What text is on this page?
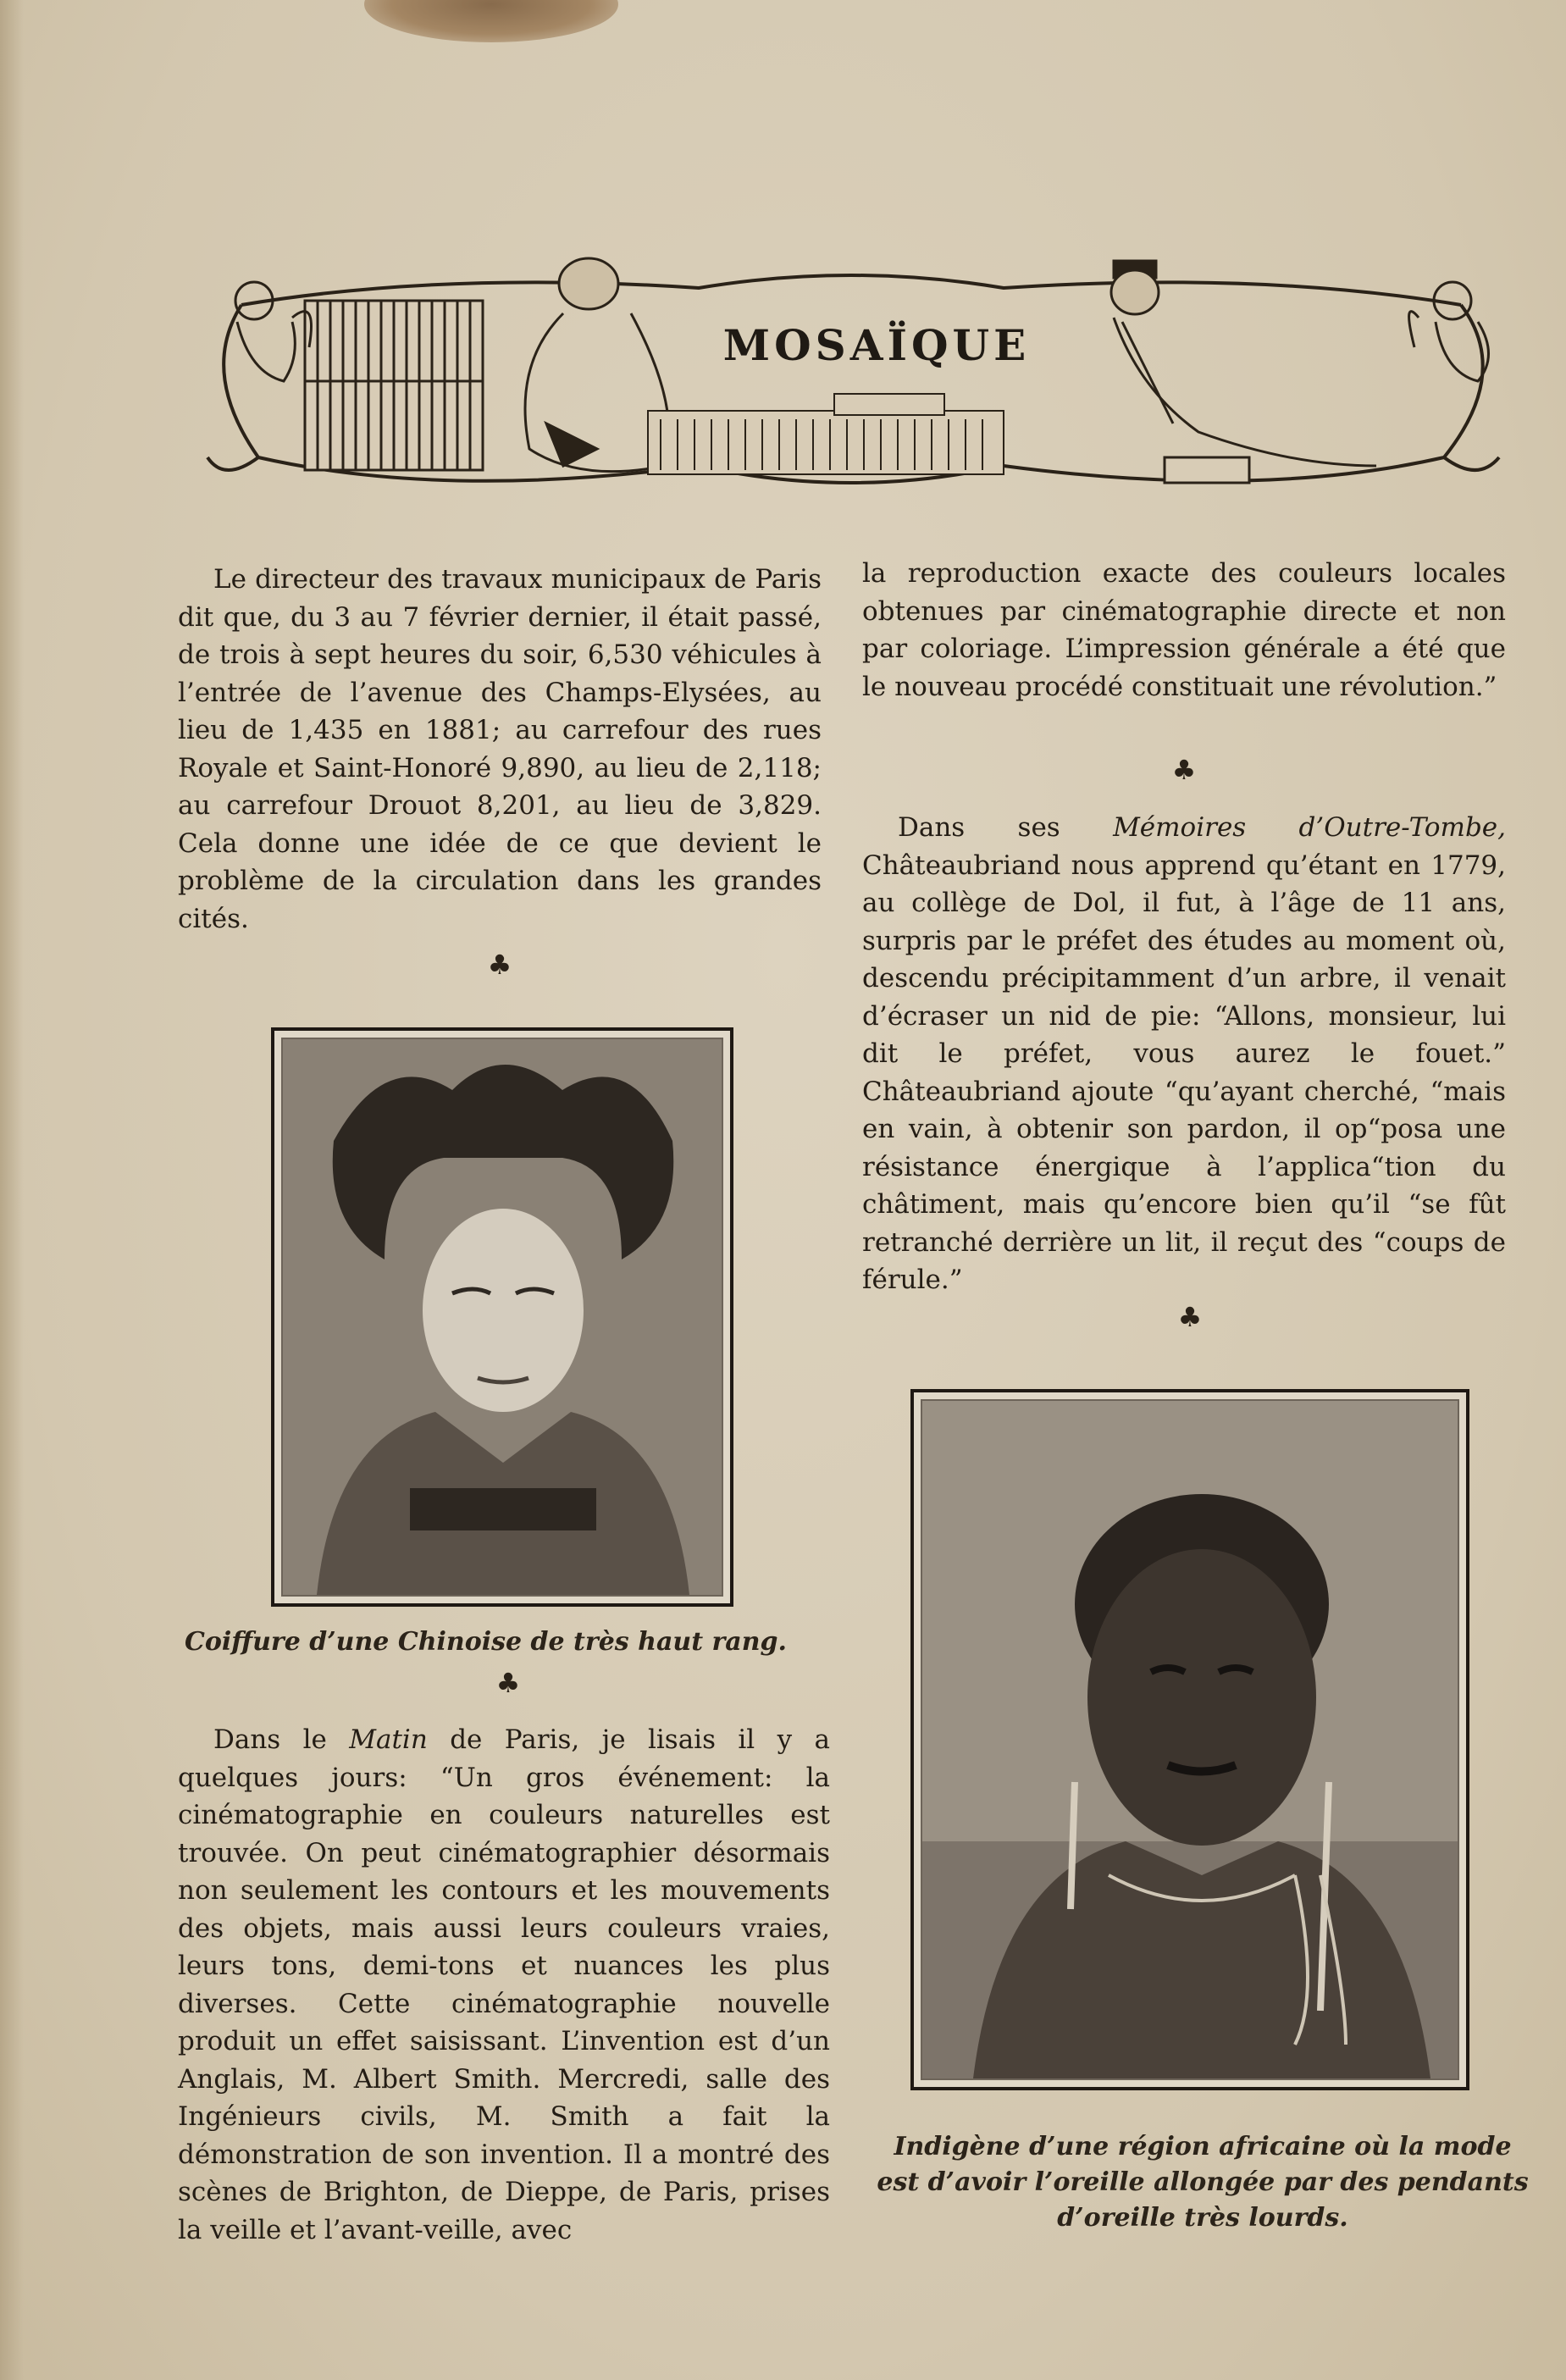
MOSAÏQUE

Le directeur des travaux municipaux de Paris dit que, du 3 au 7 février dernier, il était passé, de trois à sept heures du soir, 6,530 véhicules à l’entrée de l’avenue des Champs-Elysées, au lieu de 1,435 en 1881; au carrefour des rues Royale et Saint-Honoré 9,890, au lieu de 2,118; au carrefour Drouot 8,201, au lieu de 3,829. Cela donne une idée de ce que devient le problème de la circulation dans les grandes cités.

♣
Coiffure d’une Chinoise de très haut rang.
♣

Dans le Matin de Paris, je lisais il y a quelques jours: “Un gros événement: la cinématographie en couleurs naturelles est trouvée. On peut cinématographier désormais non seulement les contours et les mouvements des objets, mais aussi leurs couleurs vraies, leurs tons, demi-tons et nuances les plus diverses. Cette cinématographie nouvelle produit un effet saisissant. L’invention est d’un Anglais, M. Albert Smith. Mercredi, salle des Ingénieurs civils, M. Smith a fait la démonstration de son invention. Il a montré des scènes de Brighton, de Dieppe, de Paris, prises la veille et l’avant-veille, avec

la reproduction exacte des couleurs locales obtenues par cinématographie directe et non par coloriage. L’impression générale a été que le nouveau procédé constituait une révolution.”

♣

Dans ses Mémoires d’Outre-Tombe, Châteaubriand nous apprend qu’étant en 1779, au collège de Dol, il fut, à l’âge de 11 ans, surpris par le préfet des études au moment où, descendu précipitamment d’un arbre, il venait d’écraser un nid de pie: “Allons, monsieur, lui dit le préfet, vous aurez le fouet.” Châteaubriand ajoute “qu’ayant cherché, “mais en vain, à obtenir son pardon, il op“posa une résistance énergique à l’applica“tion du châtiment, mais qu’encore bien qu’il “se fût retranché derrière un lit, il reçut des “coups de férule.”

♣
Indigène d’une région africaine où la mode est d’avoir l’oreille allongée par des pendants d’oreille très lourds.
